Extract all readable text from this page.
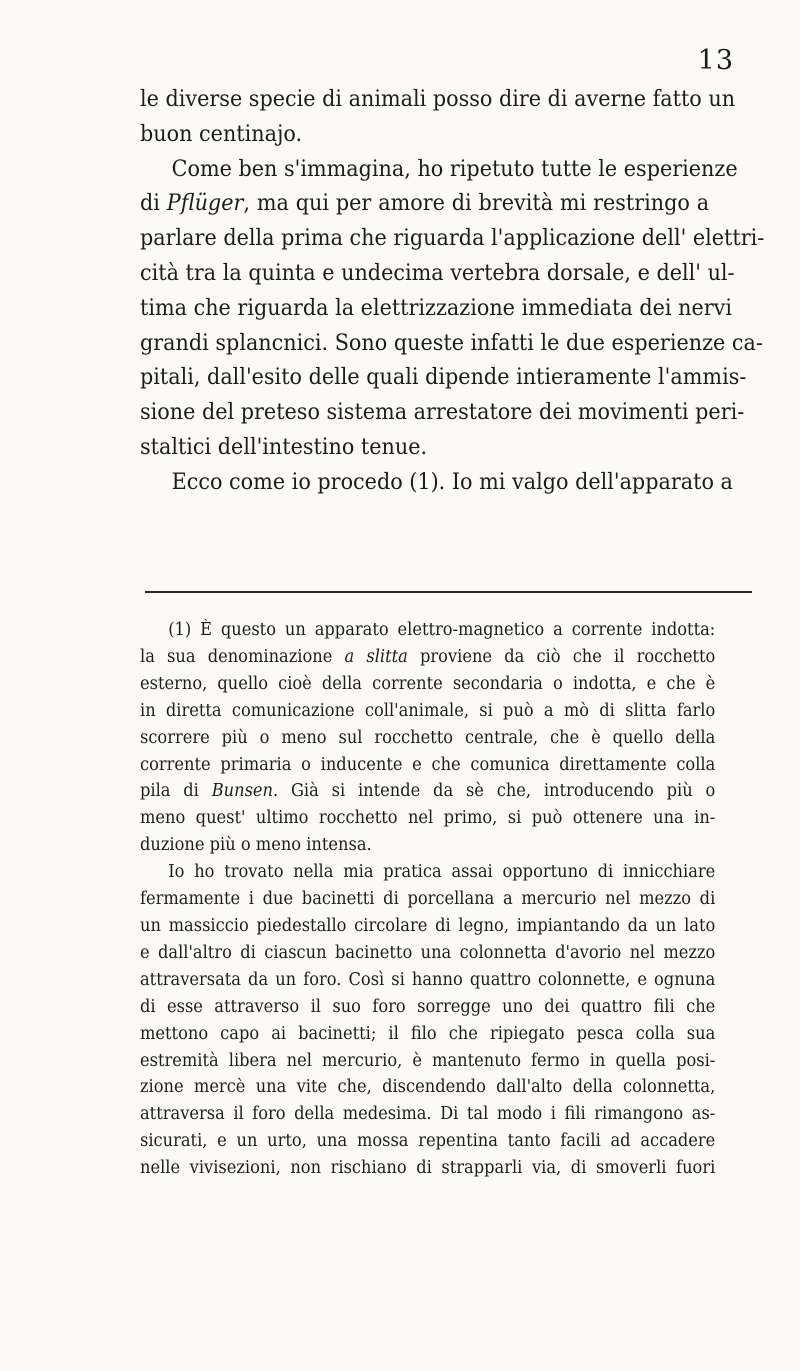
13
le diverse specie di animali posso dire di averne fatto un
buon centinajo.
Come ben s'immagina, ho ripetuto tutte le esperienze
di Pflüger, ma qui per amore di brevità mi restringo a
parlare della prima che riguarda l'applicazione dell' elettri-
cità tra la quinta e undecima vertebra dorsale, e dell' ul-
tima che riguarda la elettrizzazione immediata dei nervi
grandi splancnici. Sono queste infatti le due esperienze ca-
pitali, dall'esito delle quali dipende intieramente l'ammis-
sione del preteso sistema arrestatore dei movimenti peri-
staltici dell'intestino tenue.
Ecco come io procedo (1). Io mi valgo dell'apparato a
(1) È questo un apparato elettro-magnetico a corrente indotta:
la sua denominazione a slitta proviene da ciò che il rocchetto
esterno, quello cioè della corrente secondaria o indotta, e che è
in diretta comunicazione coll'animale, si può a mò di slitta farlo
scorrere più o meno sul rocchetto centrale, che è quello della
corrente primaria o inducente e che comunica direttamente colla
pila di Bunsen. Già si intende da sè che, introducendo più o
meno quest' ultimo rocchetto nel primo, si può ottenere una in-
duzione più o meno intensa.
Io ho trovato nella mia pratica assai opportuno di innicchiare
fermamente i due bacinetti di porcellana a mercurio nel mezzo di
un massiccio piedestallo circolare di legno, impiantando da un lato
e dall'altro di ciascun bacinetto una colonnetta d'avorio nel mezzo
attraversata da un foro. Così si hanno quattro colonnette, e ognuna
di esse attraverso il suo foro sorregge uno dei quattro fili che
mettono capo ai bacinetti; il filo che ripiegato pesca colla sua
estremità libera nel mercurio, è mantenuto fermo in quella posi-
zione mercè una vite che, discendendo dall'alto della colonnetta,
attraversa il foro della medesima. Di tal modo i fili rimangono as-
sicurati, e un urto, una mossa repentina tanto facili ad accadere
nelle vivisezioni, non rischiano di strapparli via, di smoverli fuori
